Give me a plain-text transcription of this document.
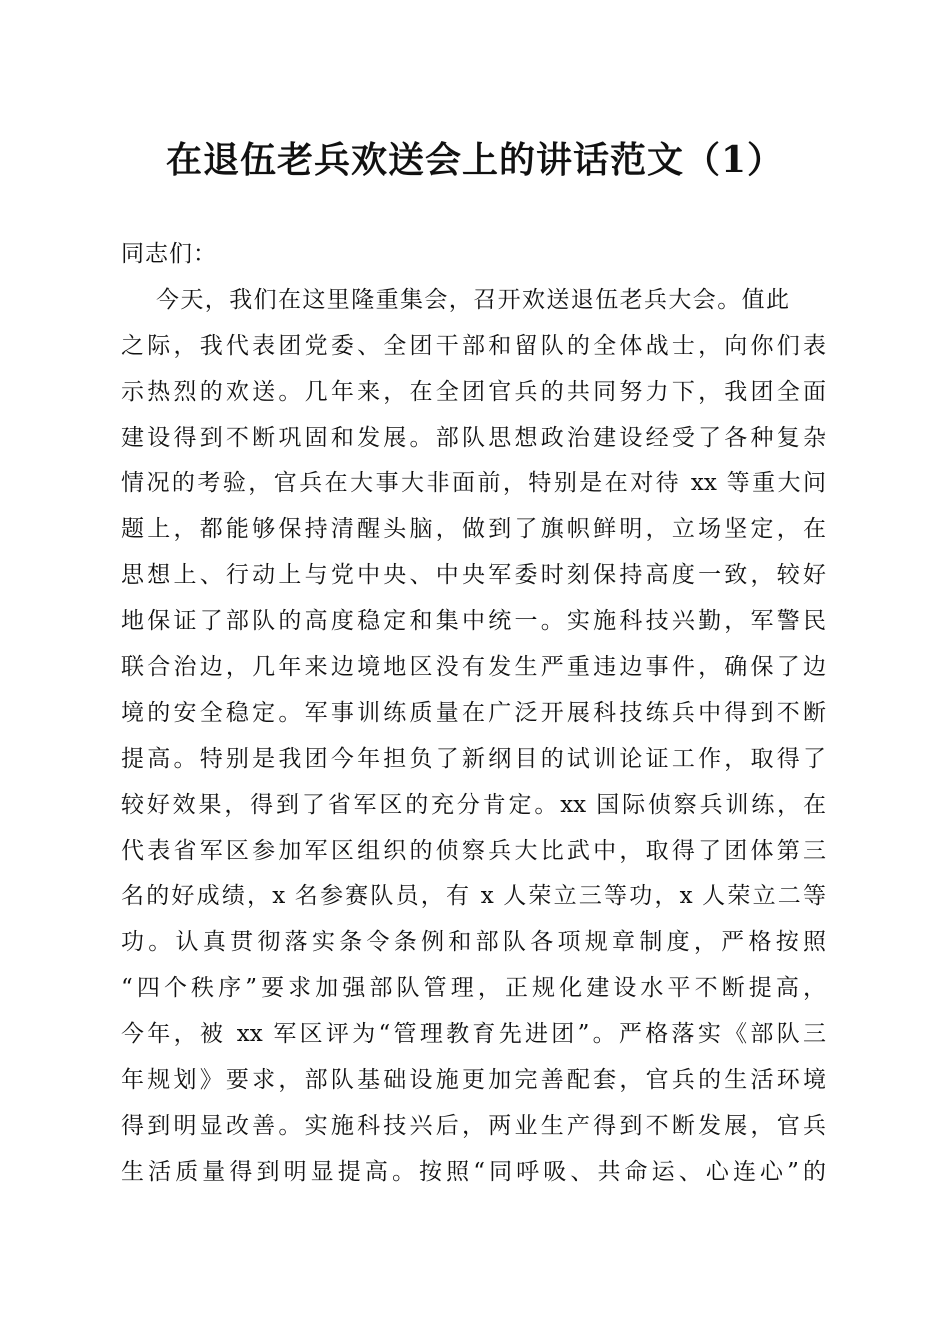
在退伍老兵欢送会上的讲话范文（1）
同志们：
今天，我们在这里隆重集会，召开欢送退伍老兵大会。值此
之际，我代表团党委、全团干部和留队的全体战士，向你们表
示热烈的欢送。几年来，在全团官兵的共同努力下，我团全面
建设得到不断巩固和发展。部队思想政治建设经受了各种复杂
情况的考验，官兵在大事大非面前，特别是在对待 xx 等重大问
题上，都能够保持清醒头脑，做到了旗帜鲜明，立场坚定，在
思想上、行动上与党中央、中央军委时刻保持高度一致，较好
地保证了部队的高度稳定和集中统一。实施科技兴勤，军警民
联合治边，几年来边境地区没有发生严重违边事件，确保了边
境的安全稳定。军事训练质量在广泛开展科技练兵中得到不断
提高。特别是我团今年担负了新纲目的试训论证工作，取得了
较好效果，得到了省军区的充分肯定。xx 国际侦察兵训练，在
代表省军区参加军区组织的侦察兵大比武中，取得了团体第三
名的好成绩，x 名参赛队员，有 x 人荣立三等功，x 人荣立二等
功。认真贯彻落实条令条例和部队各项规章制度，严格按照
“四个秩序”要求加强部队管理，正规化建设水平不断提高，
今年，被 xx 军区评为“管理教育先进团”。严格落实《部队三
年规划》要求，部队基础设施更加完善配套，官兵的生活环境
得到明显改善。实施科技兴后，两业生产得到不断发展，官兵
生活质量得到明显提高。按照“同呼吸、共命运、心连心”的
